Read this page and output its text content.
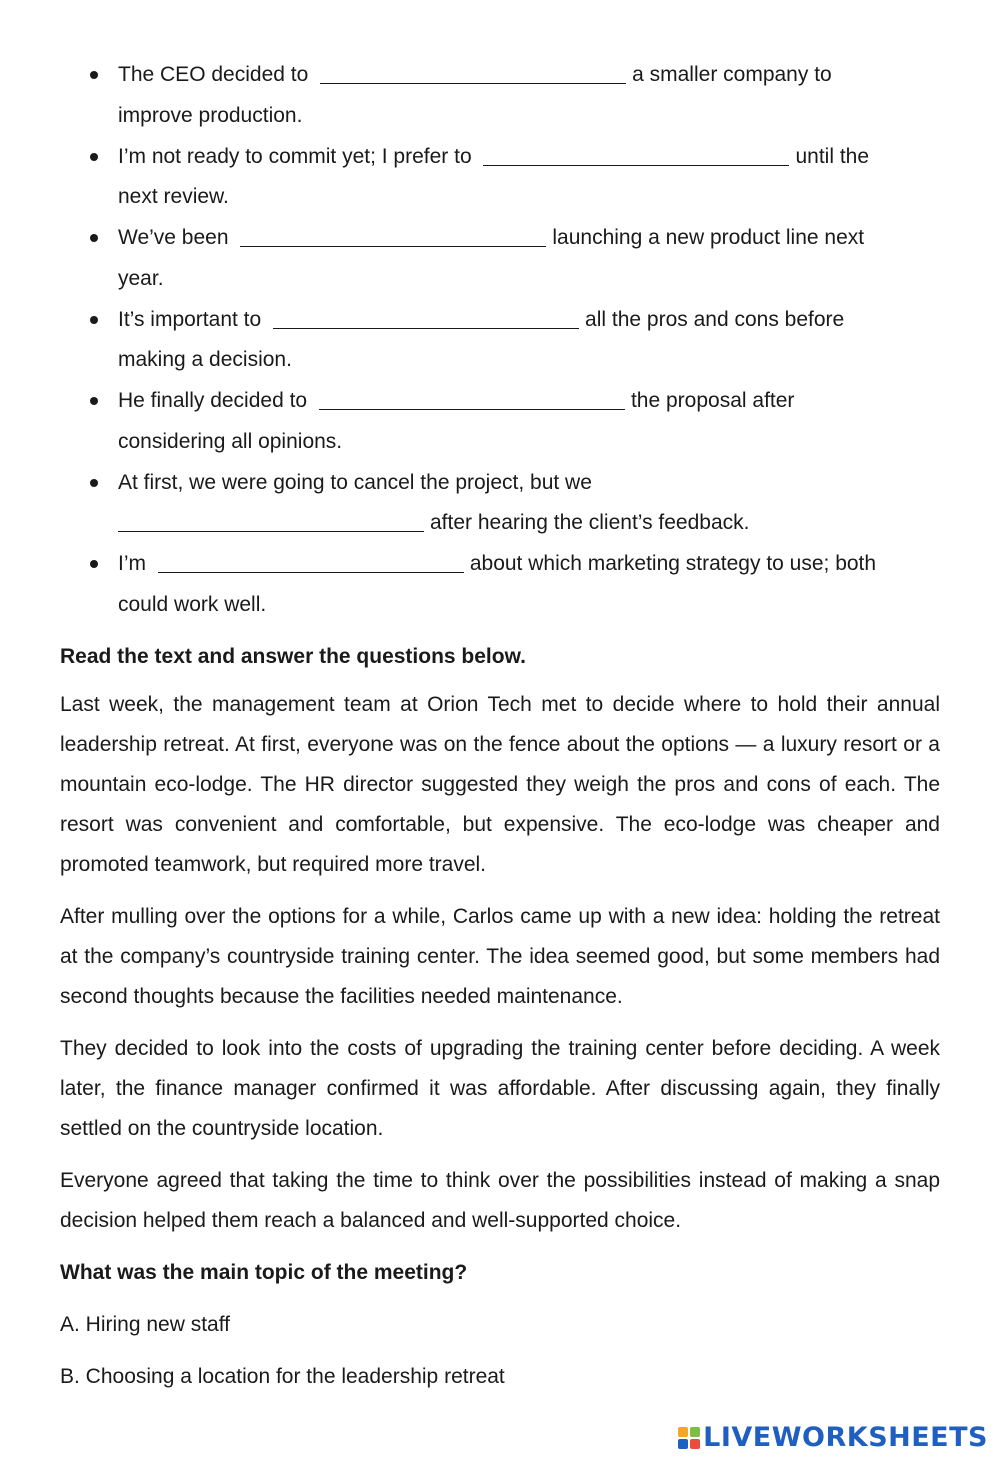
The CEO decided to	a smaller company to
improve production.
I’m not ready to commit yet; I prefer to	until the
next review.
We’ve been	launching a new product line next
year.
It’s important to	all the pros and cons before
making a decision.
He finally decided to	the proposal after
considering all opinions.
At first, we were going to cancel the project, but we
after hearing the client’s feedback.
I’m	about which marketing strategy to use; both
could work well.
Read the text and answer the questions below.

Last week, the management team at Orion Tech met to decide where to hold their annual leadership retreat. At first, everyone was on the fence about the options — a luxury resort or a mountain eco-lodge. The HR director suggested they weigh the pros and cons of each. The resort was convenient and comfortable, but expensive. The eco-lodge was cheaper and promoted teamwork, but required more travel.

After mulling over the options for a while, Carlos came up with a new idea: holding the retreat at the company’s countryside training center. The idea seemed good, but some members had second thoughts because the facilities needed maintenance.

They decided to look into the costs of upgrading the training center before deciding. A week later, the finance manager confirmed it was affordable. After discussing again, they finally settled on the countryside location.

Everyone agreed that taking the time to think over the possibilities instead of making a snap decision helped them reach a balanced and well-supported choice.

What was the main topic of the meeting?
A. Hiring new staff
B. Choosing a location for the leadership retreat
LIVEWORKSHEETS
